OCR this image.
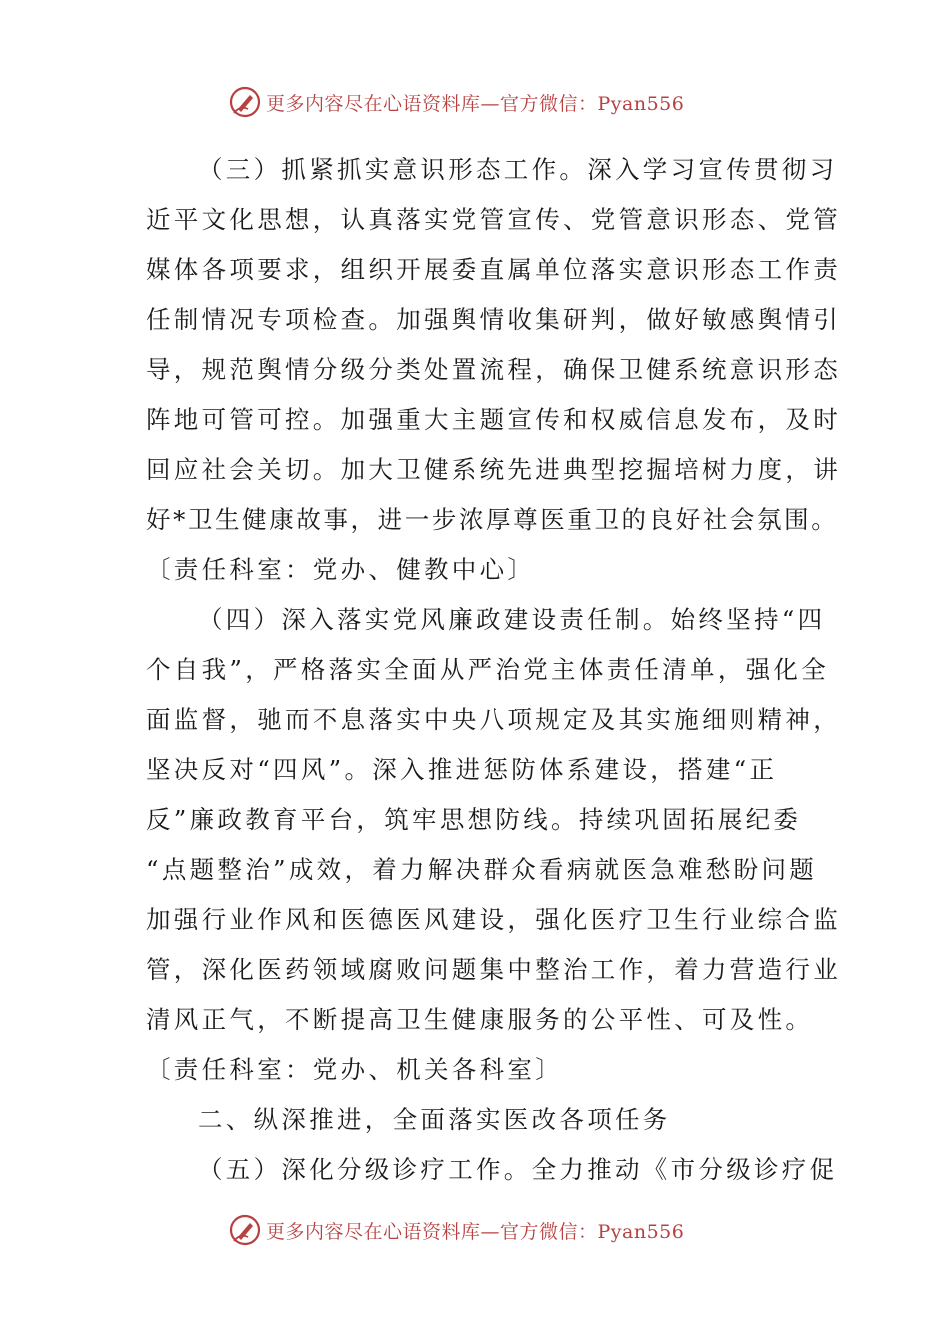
更多内容尽在心语资料库—官方微信：Pyan556
（三）抓紧抓实意识形态工作。深入学习宣传贯彻习
近平文化思想，认真落实党管宣传、党管意识形态、党管
媒体各项要求，组织开展委直属单位落实意识形态工作责
任制情况专项检查。加强舆情收集研判，做好敏感舆情引
导，规范舆情分级分类处置流程，确保卫健系统意识形态
阵地可管可控。加强重大主题宣传和权威信息发布，及时
回应社会关切。加大卫健系统先进典型挖掘培树力度，讲
好*卫生健康故事，进一步浓厚尊医重卫的良好社会氛围。
〔责任科室：党办、健教中心〕
（四）深入落实党风廉政建设责任制。始终坚持“四
个自我”，严格落实全面从严治党主体责任清单，强化全
面监督，驰而不息落实中央八项规定及其实施细则精神，
坚决反对“四风”。深入推进惩防体系建设，搭建“正
反”廉政教育平台，筑牢思想防线。持续巩固拓展纪委
“点题整治”成效，着力解决群众看病就医急难愁盼问题
加强行业作风和医德医风建设，强化医疗卫生行业综合监
管，深化医药领域腐败问题集中整治工作，着力营造行业
清风正气，不断提高卫生健康服务的公平性、可及性。
〔责任科室：党办、机关各科室〕
二、纵深推进，全面落实医改各项任务
（五）深化分级诊疗工作。全力推动《市分级诊疗促
更多内容尽在心语资料库—官方微信：Pyan556
